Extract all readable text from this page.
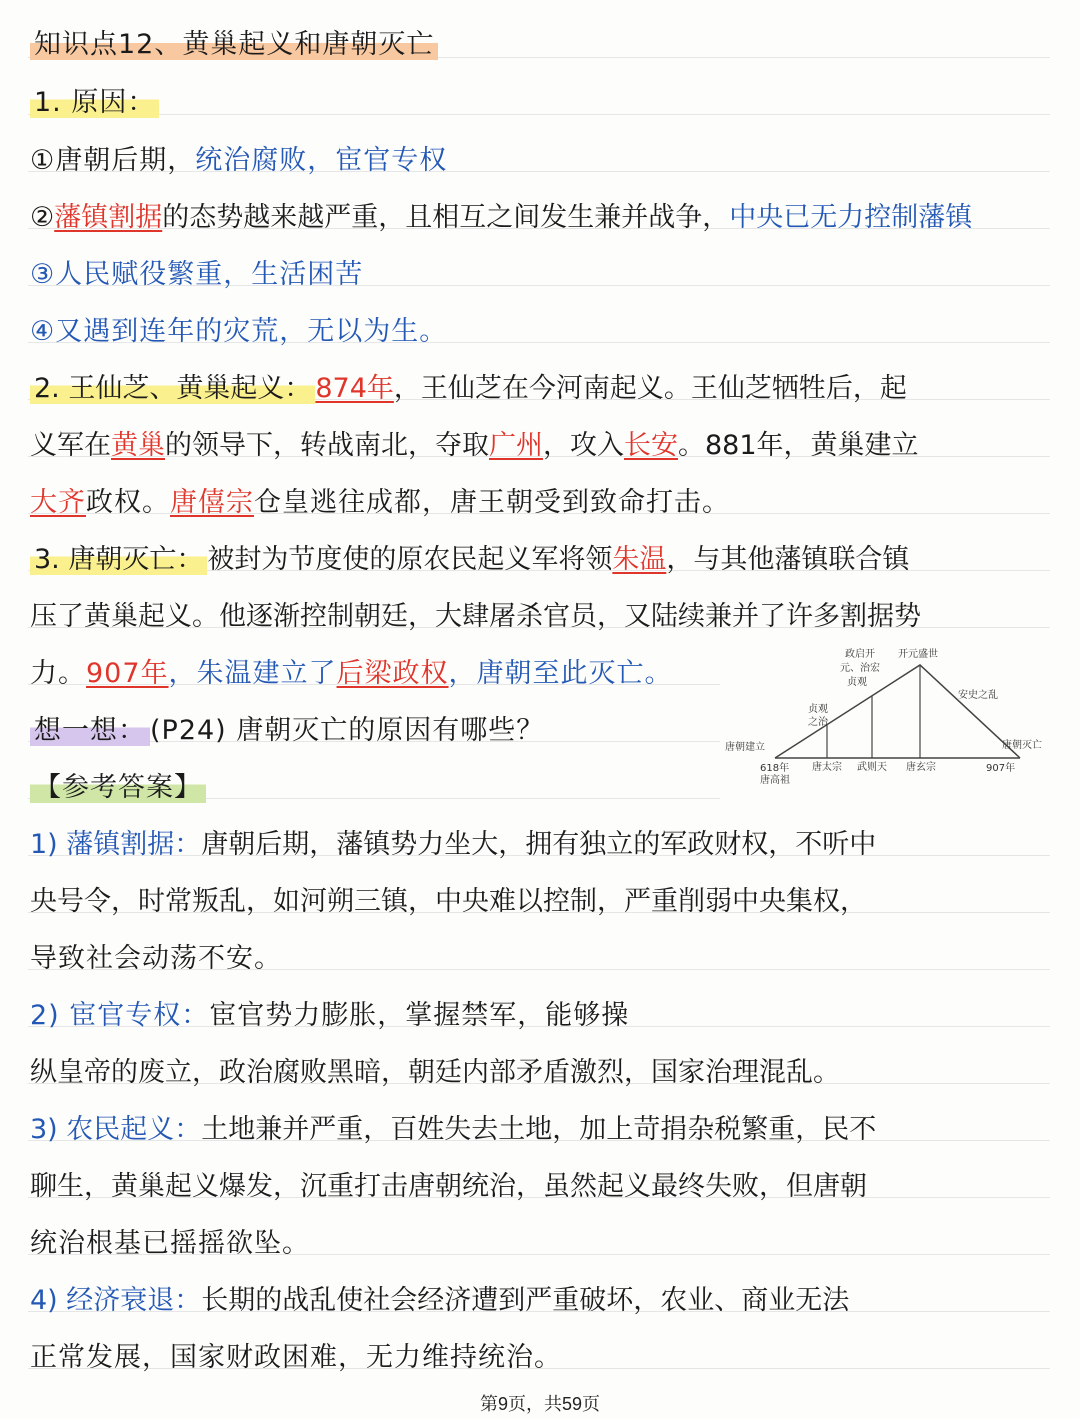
知识点12、黄巢起义和唐朝灭亡
1. 原因：
①唐朝后期，统治腐败，宦官专权
②藩镇割据的态势越来越严重，且相互之间发生兼并战争，中央已无力控制藩镇
③人民赋役繁重，生活困苦
④又遇到连年的灾荒，无以为生。
2. 王仙芝、黄巢起义： 874年，王仙芝在今河南起义。王仙芝牺牲后，起
义军在黄巢的领导下，转战南北，夺取广州，攻入长安。881年，黄巢建立
大齐政权。唐僖宗仓皇逃往成都，唐王朝受到致命打击。
3. 唐朝灭亡： 被封为节度使的原农民起义军将领朱温，与其他藩镇联合镇
压了黄巢起义。他逐渐控制朝廷，大肆屠杀官员，又陆续兼并了许多割据势
力。907年，朱温建立了后梁政权，唐朝至此灭亡。
想一想： (P24) 唐朝灭亡的原因有哪些？
【参考答案】
贞观
之治
政启开
元、治宏
贞观
开元盛世
安史之乱
唐朝建立	唐朝灭亡
618年
唐高祖
唐太宗 武则天 唐玄宗	907年
1) 藩镇割据：唐朝后期，藩镇势力坐大，拥有独立的军政财权，不听中
央号令，时常叛乱，如河朔三镇，中央难以控制，严重削弱中央集权，
导致社会动荡不安。
2) 宦官专权：宦官势力膨胀，掌握禁军，能够操
纵皇帝的废立，政治腐败黑暗，朝廷内部矛盾激烈，国家治理混乱。
3) 农民起义：土地兼并严重，百姓失去土地，加上苛捐杂税繁重，民不
聊生，黄巢起义爆发，沉重打击唐朝统治，虽然起义最终失败，但唐朝
统治根基已摇摇欲坠。
4) 经济衰退：长期的战乱使社会经济遭到严重破坏，农业、商业无法
正常发展，国家财政困难，无力维持统治。
第9页，共59页
